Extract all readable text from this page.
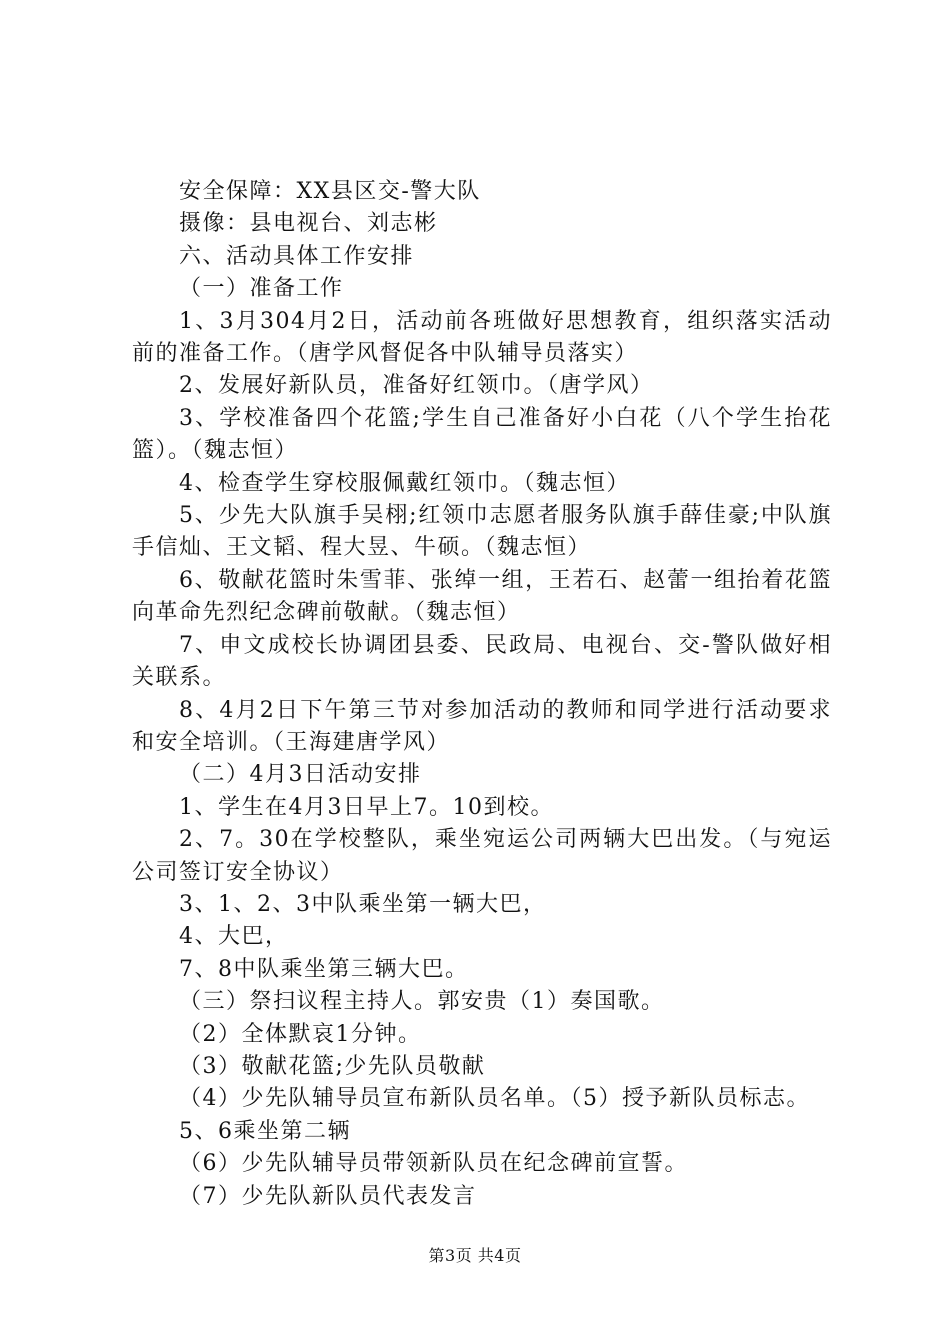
安全保障：XX县区交-警大队

摄像：县电视台、刘志彬

六、活动具体工作安排

（一）准备工作

1、3月304月2日，活动前各班做好思想教育，组织落实活动前的准备工作。（唐学风督促各中队辅导员落实）

2、发展好新队员，准备好红领巾。（唐学风）

3、学校准备四个花篮;学生自己准备好小白花（八个学生抬花篮）。（魏志恒）

4、检查学生穿校服佩戴红领巾。（魏志恒）

5、少先大队旗手吴栩;红领巾志愿者服务队旗手薛佳豪;中队旗手信灿、王文韬、程大昱、牛硕。（魏志恒）

6、敬献花篮时朱雪菲、张绰一组，王若石、赵蕾一组抬着花篮向革命先烈纪念碑前敬献。（魏志恒）

7、申文成校长协调团县委、民政局、电视台、交-警队做好相关联系。

8、4月2日下午第三节对参加活动的教师和同学进行活动要求和安全培训。（王海建唐学风）

（二）4月3日活动安排

1、学生在4月3日早上7。10到校。

2、7。30在学校整队，乘坐宛运公司两辆大巴出发。（与宛运公司签订安全协议）

3、1、2、3中队乘坐第一辆大巴，

4、大巴，

7、8中队乘坐第三辆大巴。

（三）祭扫议程主持人。郭安贵（1）奏国歌。

（2）全体默哀1分钟。

（3）敬献花篮;少先队员敬献

（4）少先队辅导员宣布新队员名单。（5）授予新队员标志。

5、6乘坐第二辆

（6）少先队辅导员带领新队员在纪念碑前宣誓。

（7）少先队新队员代表发言

第3页 共4页
